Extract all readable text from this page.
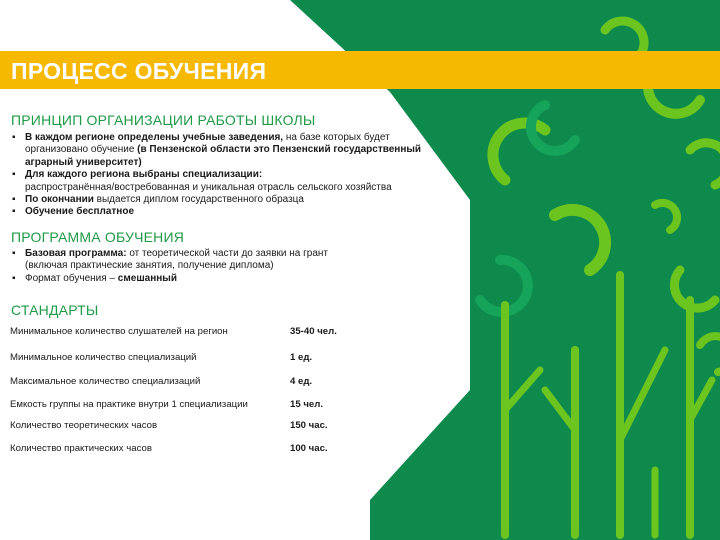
ПРОЦЕСС ОБУЧЕНИЯ
ПРИНЦИП ОРГАНИЗАЦИИ РАБОТЫ ШКОЛЫ
▪ В каждом регионе определены учебные заведения, на базе которых будет организовано обучение (в Пензенской области это Пензенский государственный аграрный университет)
▪ Для каждого региона выбраны специализации:
распространённая/востребованная и уникальная отрасль сельского хозяйства
▪ По окончании выдается диплом государственного образца
▪ Обучение бесплатное
ПРОГРАММА ОБУЧЕНИЯ
▪ Базовая программа: от теоретической части до заявки на грант
(включая практические занятия, получение диплома)
▪ Формат обучения – смешанный
СТАНДАРТЫ
Минимальное количество слушателей на регион	35-40 чел.
Минимальное количество специализаций	1 ед.
Максимальное количество специализаций	4 ед.
Емкость группы на практике внутри 1 специализации	15 чел.
Количество теоретических часов	150 час.
Количество практических часов	100 час.
